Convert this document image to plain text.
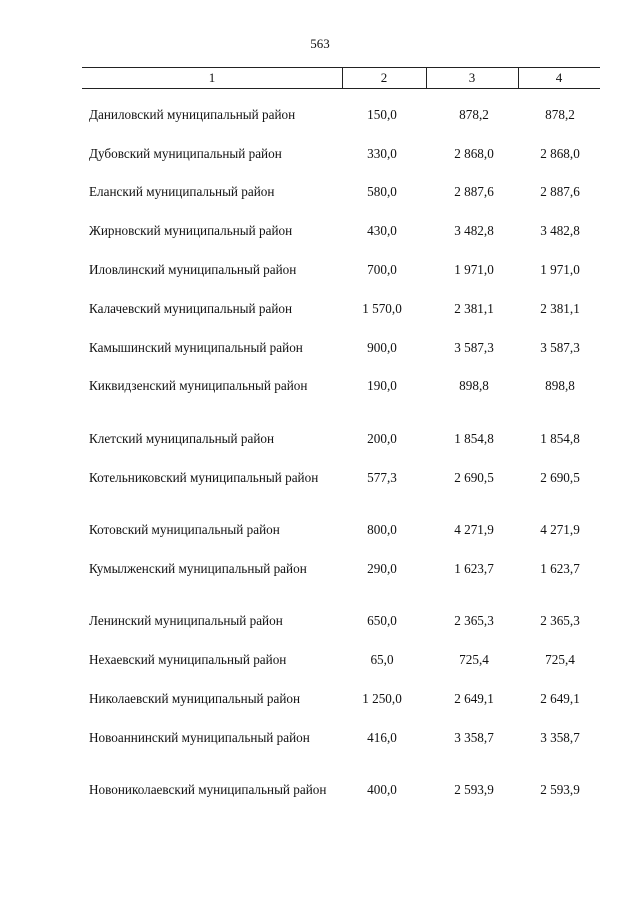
563
1	2	3	4
Даниловский муниципальный район	150,0	878,2	878,2
Дубовский муниципальный район	330,0	2 868,0	2 868,0
Еланский муниципальный район	580,0	2 887,6	2 887,6
Жирновский муниципальный район	430,0	3 482,8	3 482,8
Иловлинский муниципальный район	700,0	1 971,0	1 971,0
Калачевский муниципальный район	1 570,0	2 381,1	2 381,1
Камышинский муниципальный район	900,0	3 587,3	3 587,3
Киквидзенский муниципальный район	190,0	898,8	898,8
Клетский муниципальный район	200,0	1 854,8	1 854,8
Котельниковский муниципальный район	577,3	2 690,5	2 690,5
Котовский муниципальный район	800,0	4 271,9	4 271,9
Кумылженский муниципальный район	290,0	1 623,7	1 623,7
Ленинский муниципальный район	650,0	2 365,3	2 365,3
Нехаевский муниципальный район	65,0	725,4	725,4
Николаевский муниципальный район	1 250,0	2 649,1	2 649,1
Новоаннинский муниципальный район	416,0	3 358,7	3 358,7
Новониколаевский муниципальный район	400,0	2 593,9	2 593,9
